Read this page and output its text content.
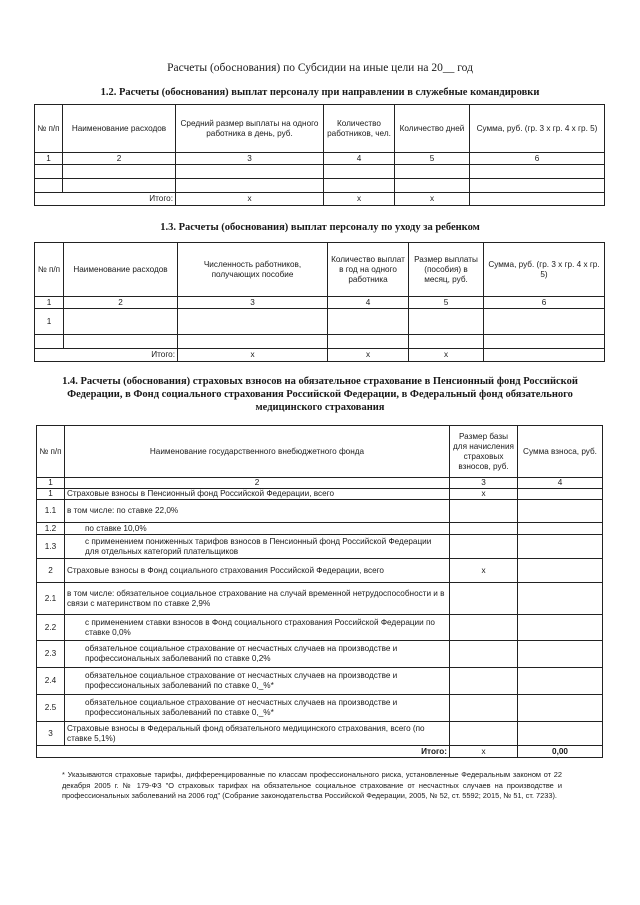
Расчеты (обоснования) по Субсидии на иные цели на 20__ год
1.2. Расчеты (обоснования) выплат персоналу при направлении в служебные командировки
№ п/п	Наименование расходов	Средний размер выплаты на одного работника в день, руб.	Количество работников, чел.	Количество дней	Сумма, руб. (гр. 3 х гр. 4 х гр. 5)
1	2	3	4	5	6

	Итого:	х	х	х	
1.3. Расчеты (обоснования) выплат персоналу по уходу за ребенком
№ п/п	Наименование расходов	Численность работников, получающих пособие	Количество выплат в год на одного работника	Размер выплаты (пособия) в месяц, руб.	Сумма, руб. (гр. 3 х гр. 4 х гр. 5)
1	2	3	4	5	6
1					

	Итого:	х	х	х	
1.4. Расчеты (обоснования) страховых взносов на обязательное страхование в Пенсионный фонд Российской Федерации, в Фонд социального страхования Российской Федерации, в Федеральный фонд обязательного медицинского страхования
№ п/п	Наименование государственного внебюджетного фонда	Размер базы для начисления страховых взносов, руб.	Сумма взноса, руб.
1	2	3	4
1	Страховые взносы в Пенсионный фонд Российской Федерации, всего	х	
1.1	в том числе: по ставке 22,0%		
1.2	по ставке 10,0%		
1.3	с применением пониженных тарифов взносов в Пенсионный фонд Российской Федерации для отдельных категорий плательщиков		
2	Страховые взносы в Фонд социального страхования Российской Федерации, всего	х	
2.1	в том числе: обязательное социальное страхование на случай временной нетрудоспособности и в связи с материнством по ставке 2,9%		
2.2	с применением ставки взносов в Фонд социального страхования Российской Федерации по ставке 0,0%		
2.3	обязательное социальное страхование от несчастных случаев на производстве и профессиональных заболеваний по ставке 0,2%		
2.4	обязательное социальное страхование от несчастных случаев на производстве и профессиональных заболеваний по ставке 0,_%*		
2.5	обязательное социальное страхование от несчастных случаев на производстве и профессиональных заболеваний по ставке 0,_%*		
3	Страховые взносы в Федеральный фонд обязательного медицинского страхования, всего (по ставке 5,1%)		
	Итого:	х	0,00
* Указываются страховые тарифы, дифференцированные по классам профессионального риска, установленные Федеральным законом от 22 декабря 2005 г. № 179-ФЗ "О страховых тарифах на обязательное социальное страхование от несчастных случаев на производстве и профессиональных заболеваний на 2006 год" (Собрание законодательства Российской Федерации, 2005, № 52, ст. 5592; 2015, № 51, ст. 7233).
